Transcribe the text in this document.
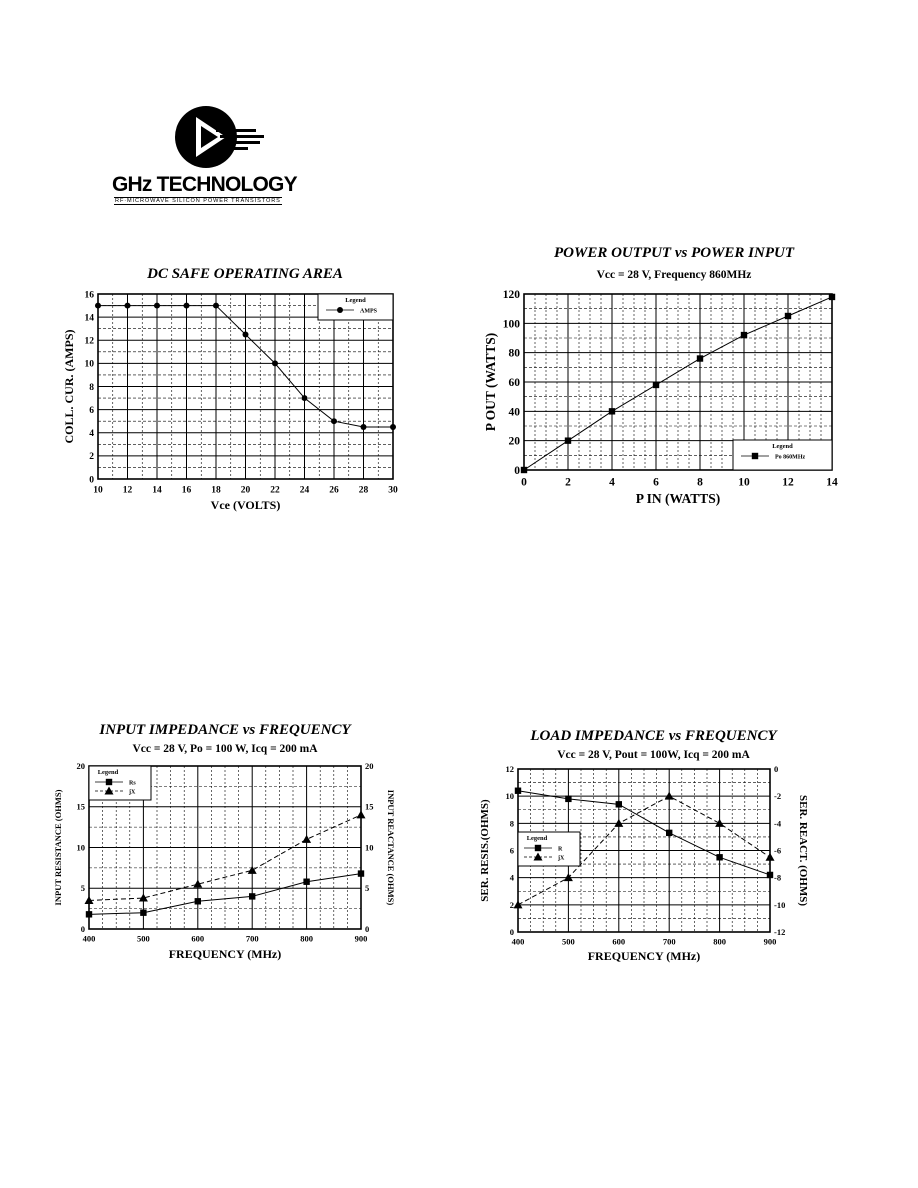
GHz TECHNOLOGY
RF·MICROWAVE SILICON POWER TRANSISTORS
DC SAFE OPERATING AREA
10 12 14 16 18 20 22 24 26 28 30
0
2
4
6
8
10
12
14
16
Vce (VOLTS)
COLL. CUR. (AMPS)
Legend
AMPS
POWER OUTPUT vs POWER INPUT
Vcc = 28 V, Frequency 860MHz
0	2	4	6	8	10	12	14
0
20
40
60
80
100
120
P IN (WATTS)
P OUT (WATTS)
Legend
Po 860MHz
INPUT IMPEDANCE vs FREQUENCY
Vcc = 28 V, Po = 100 W, Icq = 200 mA
400	500	600	700	800	900
0
5
10
15
20
0
5
10
15
20
FREQUENCY (MHz)
INPUT RESISTANCE (OHMS)	INPUT REACTANCE (OHMS)
Legend
Rs
jX
LOAD IMPEDANCE vs FREQUENCY
Vcc = 28 V, Pout = 100W, Icq = 200 mA
400	500	600	700	800	900
0
2
4
6
8
10
12
-12
-10
-8
-6
-4
-2
0
FREQUENCY (MHz)
SER. RESIS.(OHMS)	SER. REACT. (OHMS)
Legend
R
jX
